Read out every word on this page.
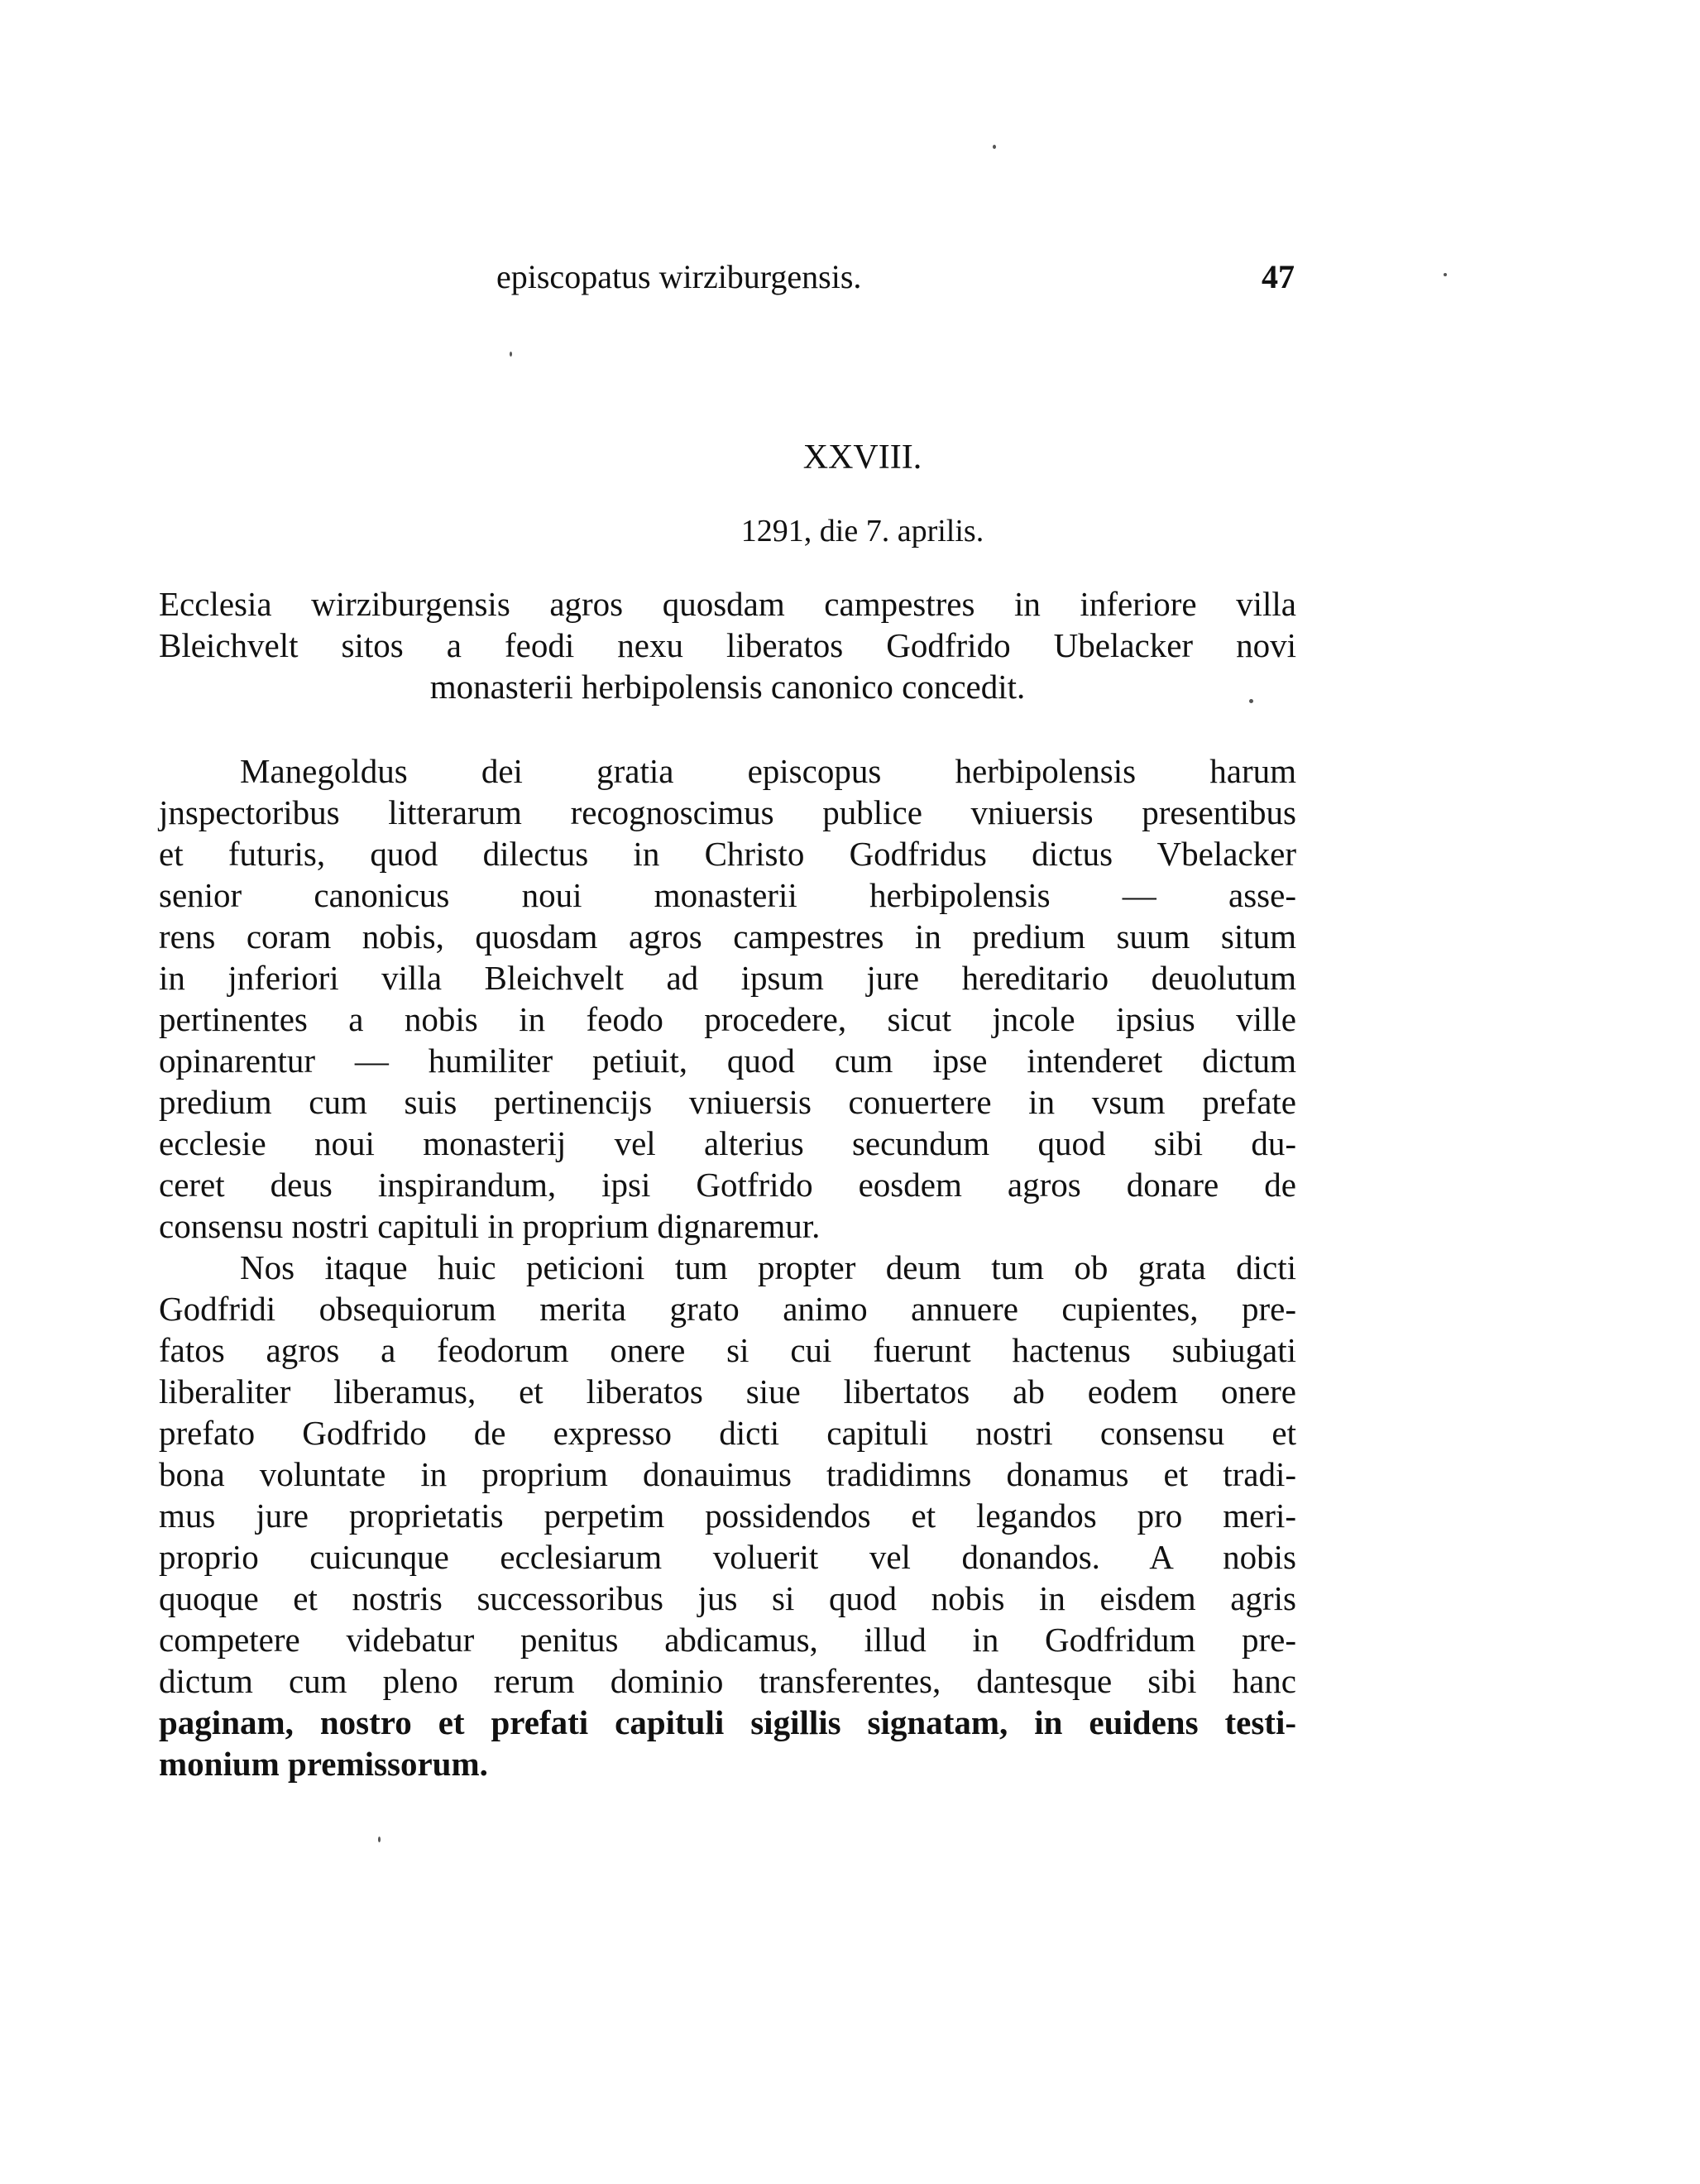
episcopatus wirziburgensis.	47
XXVIII.
1291, die 7. aprilis.
Ecclesia wirziburgensis agros quosdam campestres in inferiore villa
Bleichvelt sitos a feodi nexu liberatos Godfrido Ubelacker novi
monasterii herbipolensis canonico concedit.
Manegoldus dei gratia episcopus herbipolensis harum
jnspectoribus litterarum recognoscimus publice vniuersis presentibus
et futuris, quod dilectus in Christo Godfridus dictus Vbelacker
senior canonicus noui monasterii herbipolensis — asse-
rens coram nobis, quosdam agros campestres in predium suum situm
in jnferiori villa Bleichvelt ad ipsum jure hereditario deuolutum
pertinentes a nobis in feodo procedere, sicut jncole ipsius ville
opinarentur — humiliter petiuit, quod cum ipse intenderet dictum
predium cum suis pertinencijs vniuersis conuertere in vsum prefate
ecclesie noui monasterij vel alterius secundum quod sibi du-
ceret deus inspirandum, ipsi Gotfrido eosdem agros donare de
consensu nostri capituli in proprium dignaremur.
Nos itaque huic peticioni tum propter deum tum ob grata dicti
Godfridi obsequiorum merita grato animo annuere cupientes, pre-
fatos agros a feodorum onere si cui fuerunt hactenus subiugati
liberaliter liberamus, et liberatos siue libertatos ab eodem onere
prefato Godfrido de expresso dicti capituli nostri consensu et
bona voluntate in proprium donauimus tradidimns donamus et tradi-
mus jure proprietatis perpetim possidendos et legandos pro meri-
proprio cuicunque ecclesiarum voluerit vel donandos. A nobis
quoque et nostris successoribus jus si quod nobis in eisdem agris
competere videbatur penitus abdicamus, illud in Godfridum pre-
dictum cum pleno rerum dominio transferentes, dantesque sibi hanc
paginam, nostro et prefati capituli sigillis signatam, in euidens testi-
monium premissorum.
